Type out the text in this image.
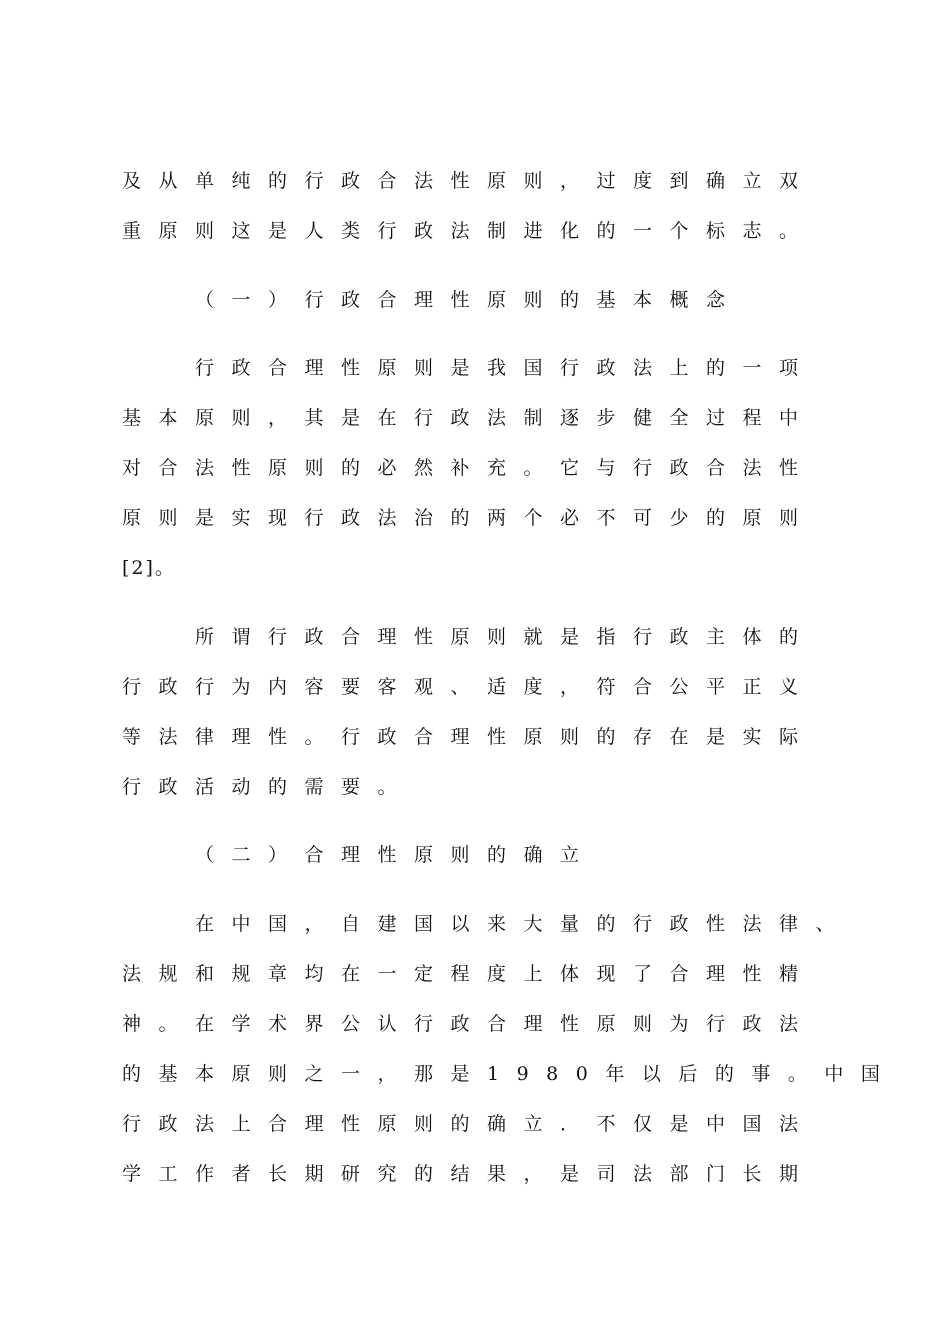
及从单纯的行政合法性原则，过度到确立双
重原则这是人类行政法制进化的一个标志。
（一）行政合理性原则的基本概念
行政合理性原则是我国行政法上的一项
基本原则，其是在行政法制逐步健全过程中
对合法性原则的必然补充。它与行政合法性
原则是实现行政法治的两个必不可少的原则
[2]。
所谓行政合理性原则就是指行政主体的
行政行为内容要客观、适度，符合公平正义
等法律理性。行政合理性原则的存在是实际
行政活动的需要。
（二）合理性原则的确立
在中国，自建国以来大量的行政性法律、
法规和规章均在一定程度上体现了合理性精
神。在学术界公认行政合理性原则为行政法
的基本原则之一，那是1980年以后的事。中国
行政法上合理性原则的确立．不仅是中国法
学工作者长期研究的结果，是司法部门长期
